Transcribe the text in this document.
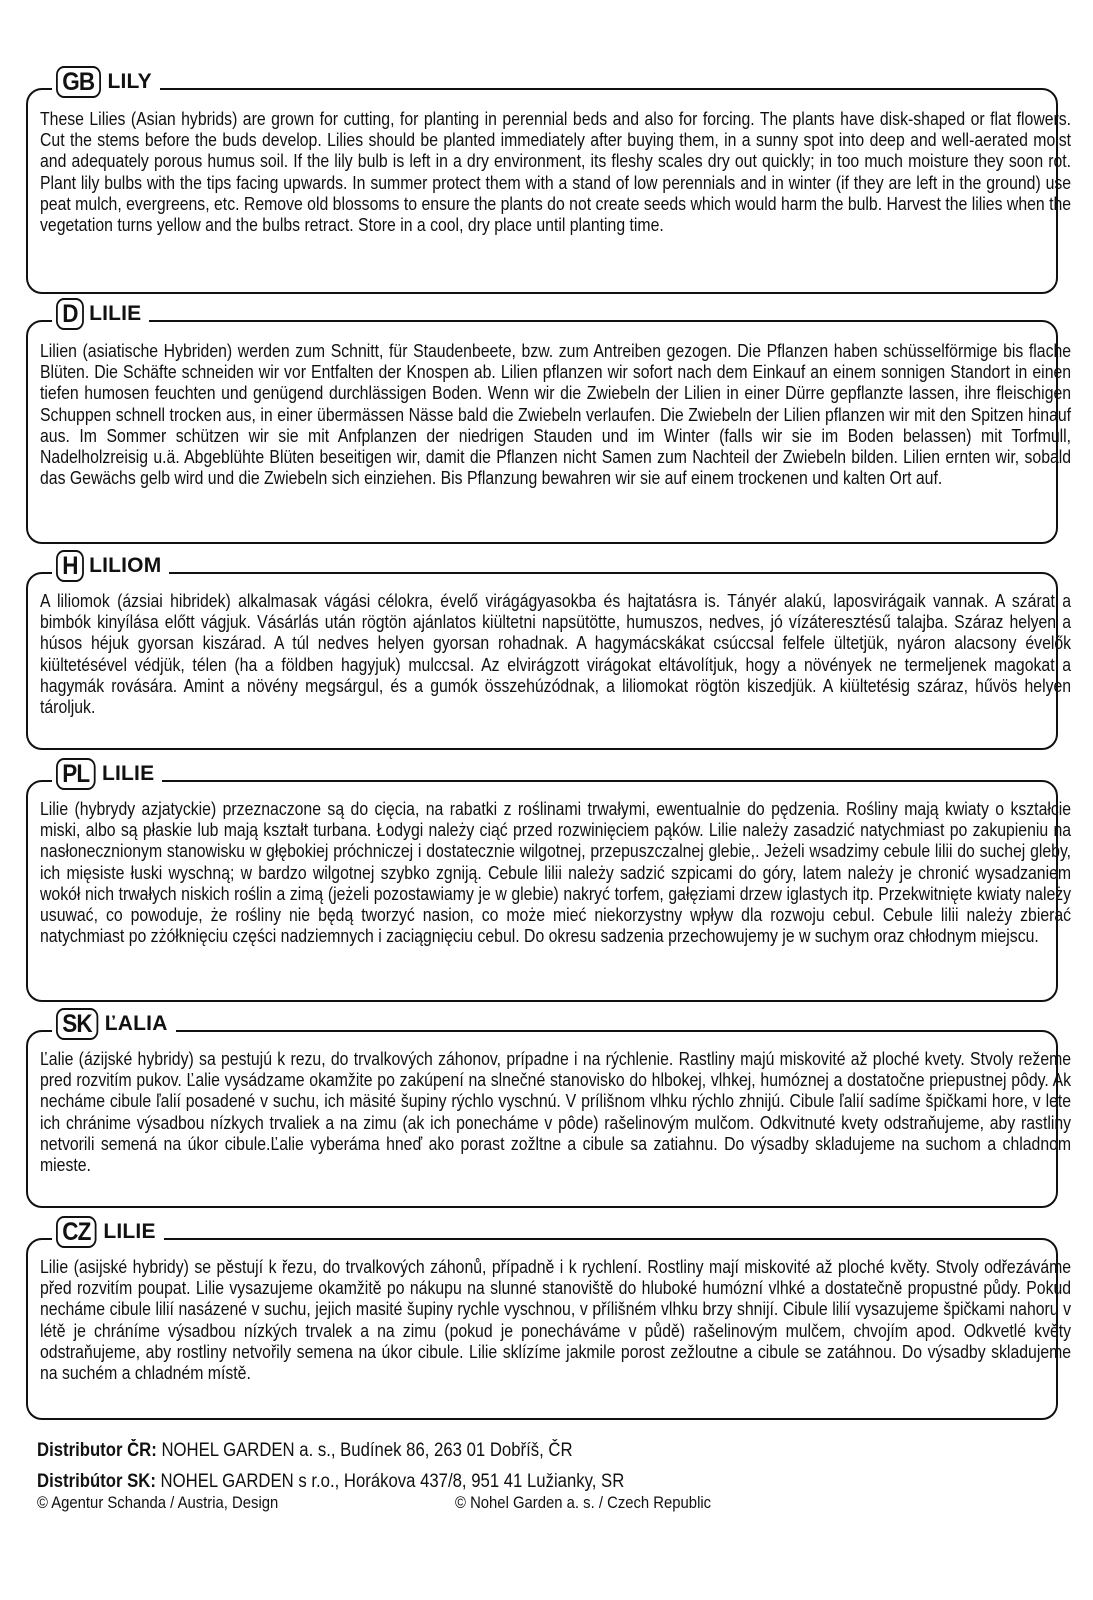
GB LILY
These Lilies (Asian hybrids) are grown for cutting, for planting in perennial beds and also for forcing. The plants have disk-shaped or flat flowers. Cut the stems before the buds develop. Lilies should be planted immediately after buying them, in a sunny spot into deep and well-aerated moist and adequately porous humus soil. If the lily bulb is left in a dry environment, its fleshy scales dry out quickly; in too much moisture they soon rot. Plant lily bulbs with the tips facing upwards. In summer protect them with a stand of low perennials and in winter (if they are left in the ground) use peat mulch, evergreens, etc. Remove old blossoms to ensure the plants do not create seeds which would harm the bulb. Harvest the lilies when the vegetation turns yellow and the bulbs retract. Store in a cool, dry place until planting time.
D LILIE
Lilien (asiatische Hybriden) werden zum Schnitt, für Staudenbeete, bzw. zum Antreiben gezogen. Die Pflanzen haben schüsselförmige bis flache Blüten. Die Schäfte schneiden wir vor Entfalten der Knospen ab. Lilien pflanzen wir sofort nach dem Einkauf an einem sonnigen Standort in einen tiefen humosen feuchten und genügend durchlässigen Boden. Wenn wir die Zwiebeln der Lilien in einer Dürre gepflanzte lassen, ihre fleischigen Schuppen schnell trocken aus, in einer übermässen Nässe bald die Zwiebeln verlaufen. Die Zwiebeln der Lilien pflanzen wir mit den Spitzen hinauf aus. Im Sommer schützen wir sie mit Anfplanzen der niedrigen Stauden und im Winter (falls wir sie im Boden belassen) mit Torfmull, Nadelholzreisig u.ä. Abgeblühte Blüten beseitigen wir, damit die Pflanzen nicht Samen zum Nachteil der Zwiebeln bilden. Lilien ernten wir, sobald das Gewächs gelb wird und die Zwiebeln sich einziehen. Bis Pflanzung bewahren wir sie auf einem trockenen und kalten Ort auf.
H LILIOM
A liliomok (ázsiai hibridek) alkalmasak vágási célokra, évelő virágágyasokba és hajtatásra is. Tányér alakú, laposvirágaik vannak. A szárat a bimbók kinyílása előtt vágjuk. Vásárlás után rögtön ajánlatos kiültetni napsütötte, humuszos, nedves, jó vízáteresztésű talajba. Száraz helyen a húsos héjuk gyorsan kiszárad. A túl nedves helyen gyorsan rohadnak. A hagymácskákat csúccsal felfele ültetjük, nyáron alacsony évelők kiültetésével védjük, télen (ha a földben hagyjuk) mulccsal. Az elvirágzott virágokat eltávolítjuk, hogy a növények ne termeljenek magokat a hagymák rovására. Amint a növény megsárgul, és a gumók összehúzódnak, a liliomokat rögtön kiszedjük. A kiültetésig száraz, hűvös helyen tároljuk.
PL LILIE
Lilie (hybrydy azjatyckie) przeznaczone są do cięcia, na rabatki z roślinami trwałymi, ewentualnie do pędzenia. Rośliny mają kwiaty o kształcie miski, albo są płaskie lub mają kształt turbana. Łodygi należy ciąć przed rozwinięciem pąków. Lilie należy zasadzić natychmiast po zakupieniu na nasłonecznionym stanowisku w głębokiej próchniczej i dostatecznie wilgotnej, przepuszczalnej glebie,. Jeżeli wsadzimy cebule lilii do suchej gleby, ich mięsiste łuski wyschną; w bardzo wilgotnej szybko zgniją. Cebule lilii należy sadzić szpicami do góry, latem należy je chronić wysadzaniem wokół nich trwałych niskich roślin a zimą (jeżeli pozostawiamy je w glebie) nakryć torfem, gałęziami drzew iglastych itp. Przekwitnięte kwiaty należy usuwać, co powoduje, że rośliny nie będą tworzyć nasion, co może mieć niekorzystny wpływ dla rozwoju cebul. Cebule lilii należy zbierać natychmiast po zżółknięciu części nadziemnych i zaciągnięciu cebul. Do okresu sadzenia przechowujemy je w suchym oraz chłodnym miejscu.
SK ĽALIA
Ľalie (ázijské hybridy) sa pestujú k rezu, do trvalkových záhonov, prípadne i na rýchlenie. Rastliny majú miskovité až ploché kvety. Stvoly režeme pred rozvitím pukov. Ľalie vysádzame okamžite po zakúpení na slnečné stanovisko do hlbokej, vlhkej, humóznej a dostatočne priepustnej pôdy. Ak necháme cibule ľalií posadené v suchu, ich mäsité šupiny rýchlo vyschnú. V prílišnom vlhku rýchlo zhnijú. Cibule ľalií sadíme špičkami hore, v lete ich chránime výsadbou nízkych trvaliek a na zimu (ak ich ponecháme v pôde) rašelinovým mulčom. Odkvitnuté kvety odstraňujeme, aby rastliny netvorili semená na úkor cibule.Ľalie vyberáma hneď ako porast zožltne a cibule sa zatiahnu. Do výsadby skladujeme na suchom a chladnom mieste.
CZ LILIE
Lilie (asijské hybridy) se pěstují k řezu, do trvalkových záhonů, případně i k rychlení. Rostliny mají miskovité až ploché květy. Stvoly odřezáváme před rozvitím poupat. Lilie vysazujeme okamžitě po nákupu na slunné stanoviště do hluboké humózní vlhké a dostatečně propustné půdy. Pokud necháme cibule lilií nasázené v suchu, jejich masité šupiny rychle vyschnou, v přílišném vlhku brzy shnijí. Cibule lilií vysazujeme špičkami nahoru v létě je chráníme výsadbou nízkých trvalek a na zimu (pokud je ponecháváme v půdě) rašelinovým mulčem, chvojím apod. Odkvetlé květy odstraňujeme, aby rostliny netvořily semena na úkor cibule. Lilie sklízíme jakmile porost zežloutne a cibule se zatáhnou. Do výsadby skladujeme na suchém a chladném místě.
Distributor ČR: NOHEL GARDEN a. s., Budínek 86, 263 01 Dobříš, ČR
Distribútor SK: NOHEL GARDEN s r.o., Horákova 437/8, 951 41 Lužianky, SR
© Agentur Schanda / Austria, Design	© Nohel Garden a. s. / Czech Republic
